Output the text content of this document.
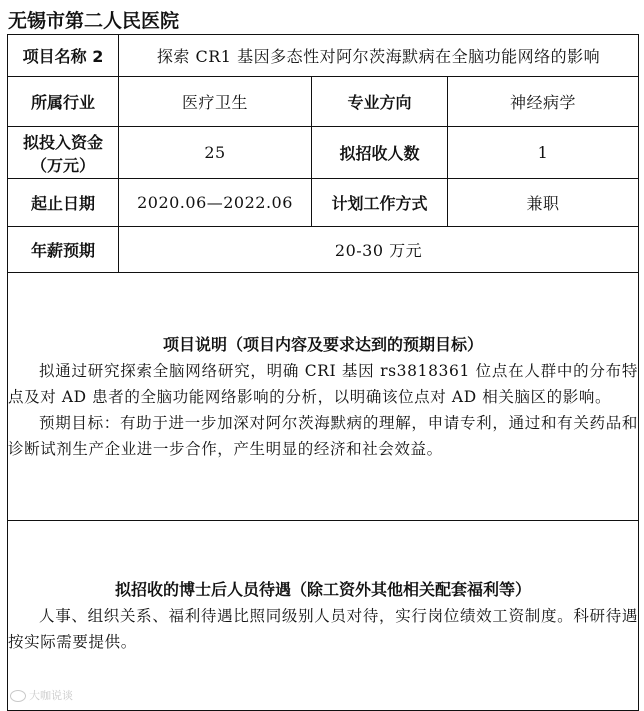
无锡市第二人民医院
项目名称 2	探索 CR1 基因多态性对阿尔茨海默病在全脑功能网络的影响		
所属行业	医疗卫生	专业方向	神经病学

拟投入资金
（万元）	25	拟招收人数	1
起止日期	2020.06—2022.06	计划工作方式	兼职
年薪预期	20-30 万元		

项目说明（项目内容及要求达到的预期目标）

拟通过研究探索全脑网络研究，明确 CRI 基因 rs3818361 位点在人群中的分布特点及对 AD 患者的全脑功能网络影响的分析，以明确该位点对 AD 相关脑区的影响。

预期目标：有助于进一步加深对阿尔茨海默病的理解，申请专利，通过和有关药品和诊断试剂生产企业进一步合作，产生明显的经济和社会效益。			

拟招收的博士后人员待遇（除工资外其他相关配套福利等）

人事、组织关系、福利待遇比照同级别人员对待，实行岗位绩效工资制度。科研待遇按实际需要提供。			

大咖说谈
